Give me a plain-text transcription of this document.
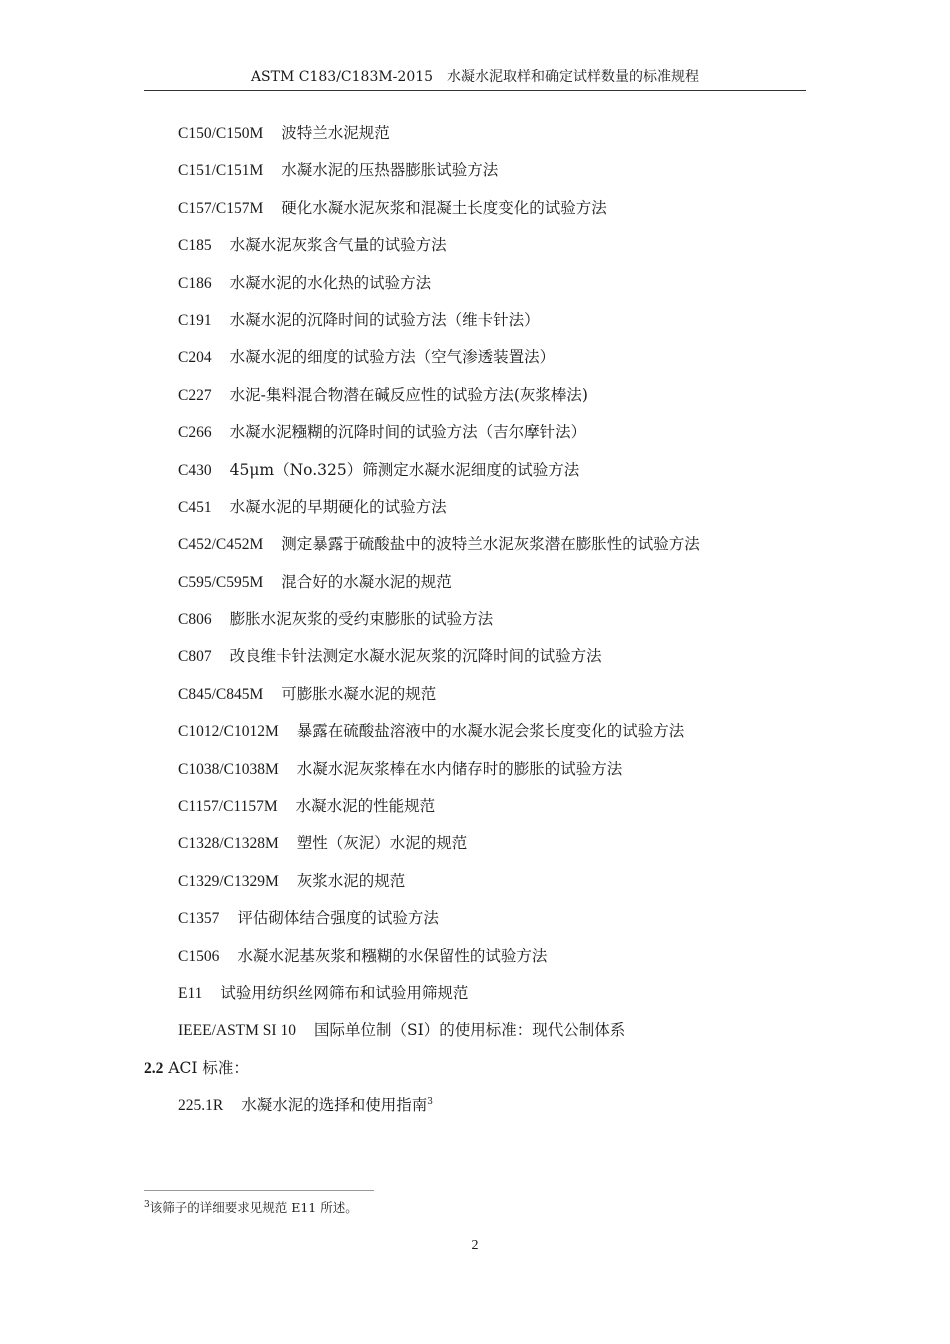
ASTM C183/C183M-2015　水凝水泥取样和确定试样数量的标准规程
C150/C150M 波特兰水泥规范
C151/C151M 水凝水泥的压热器膨胀试验方法
C157/C157M 硬化水凝水泥灰浆和混凝土长度变化的试验方法
C185 水凝水泥灰浆含气量的试验方法
C186 水凝水泥的水化热的试验方法
C191 水凝水泥的沉降时间的试验方法（维卡针法）
C204 水凝水泥的细度的试验方法（空气渗透装置法）
C227 水泥-集料混合物潜在碱反应性的试验方法(灰浆棒法)
C266 水凝水泥糨糊的沉降时间的试验方法（吉尔摩针法）
C430 45μm（No.325）筛测定水凝水泥细度的试验方法
C451 水凝水泥的早期硬化的试验方法
C452/C452M 测定暴露于硫酸盐中的波特兰水泥灰浆潜在膨胀性的试验方法
C595/C595M 混合好的水凝水泥的规范
C806 膨胀水泥灰浆的受约束膨胀的试验方法
C807 改良维卡针法测定水凝水泥灰浆的沉降时间的试验方法
C845/C845M 可膨胀水凝水泥的规范
C1012/C1012M 暴露在硫酸盐溶液中的水凝水泥会浆长度变化的试验方法
C1038/C1038M 水凝水泥灰浆棒在水内储存时的膨胀的试验方法
C1157/C1157M 水凝水泥的性能规范
C1328/C1328M 塑性（灰泥）水泥的规范
C1329/C1329M 灰浆水泥的规范
C1357 评估砌体结合强度的试验方法
C1506 水凝水泥基灰浆和糨糊的水保留性的试验方法
E11 试验用纺织丝网筛布和试验用筛规范
IEEE/ASTM SI 10 国际单位制（SI）的使用标准：现代公制体系
2.2 ACI 标准：
225.1R 水凝水泥的选择和使用指南$^3$
$^3$该筛子的详细要求见规范 E11 所述。
2
